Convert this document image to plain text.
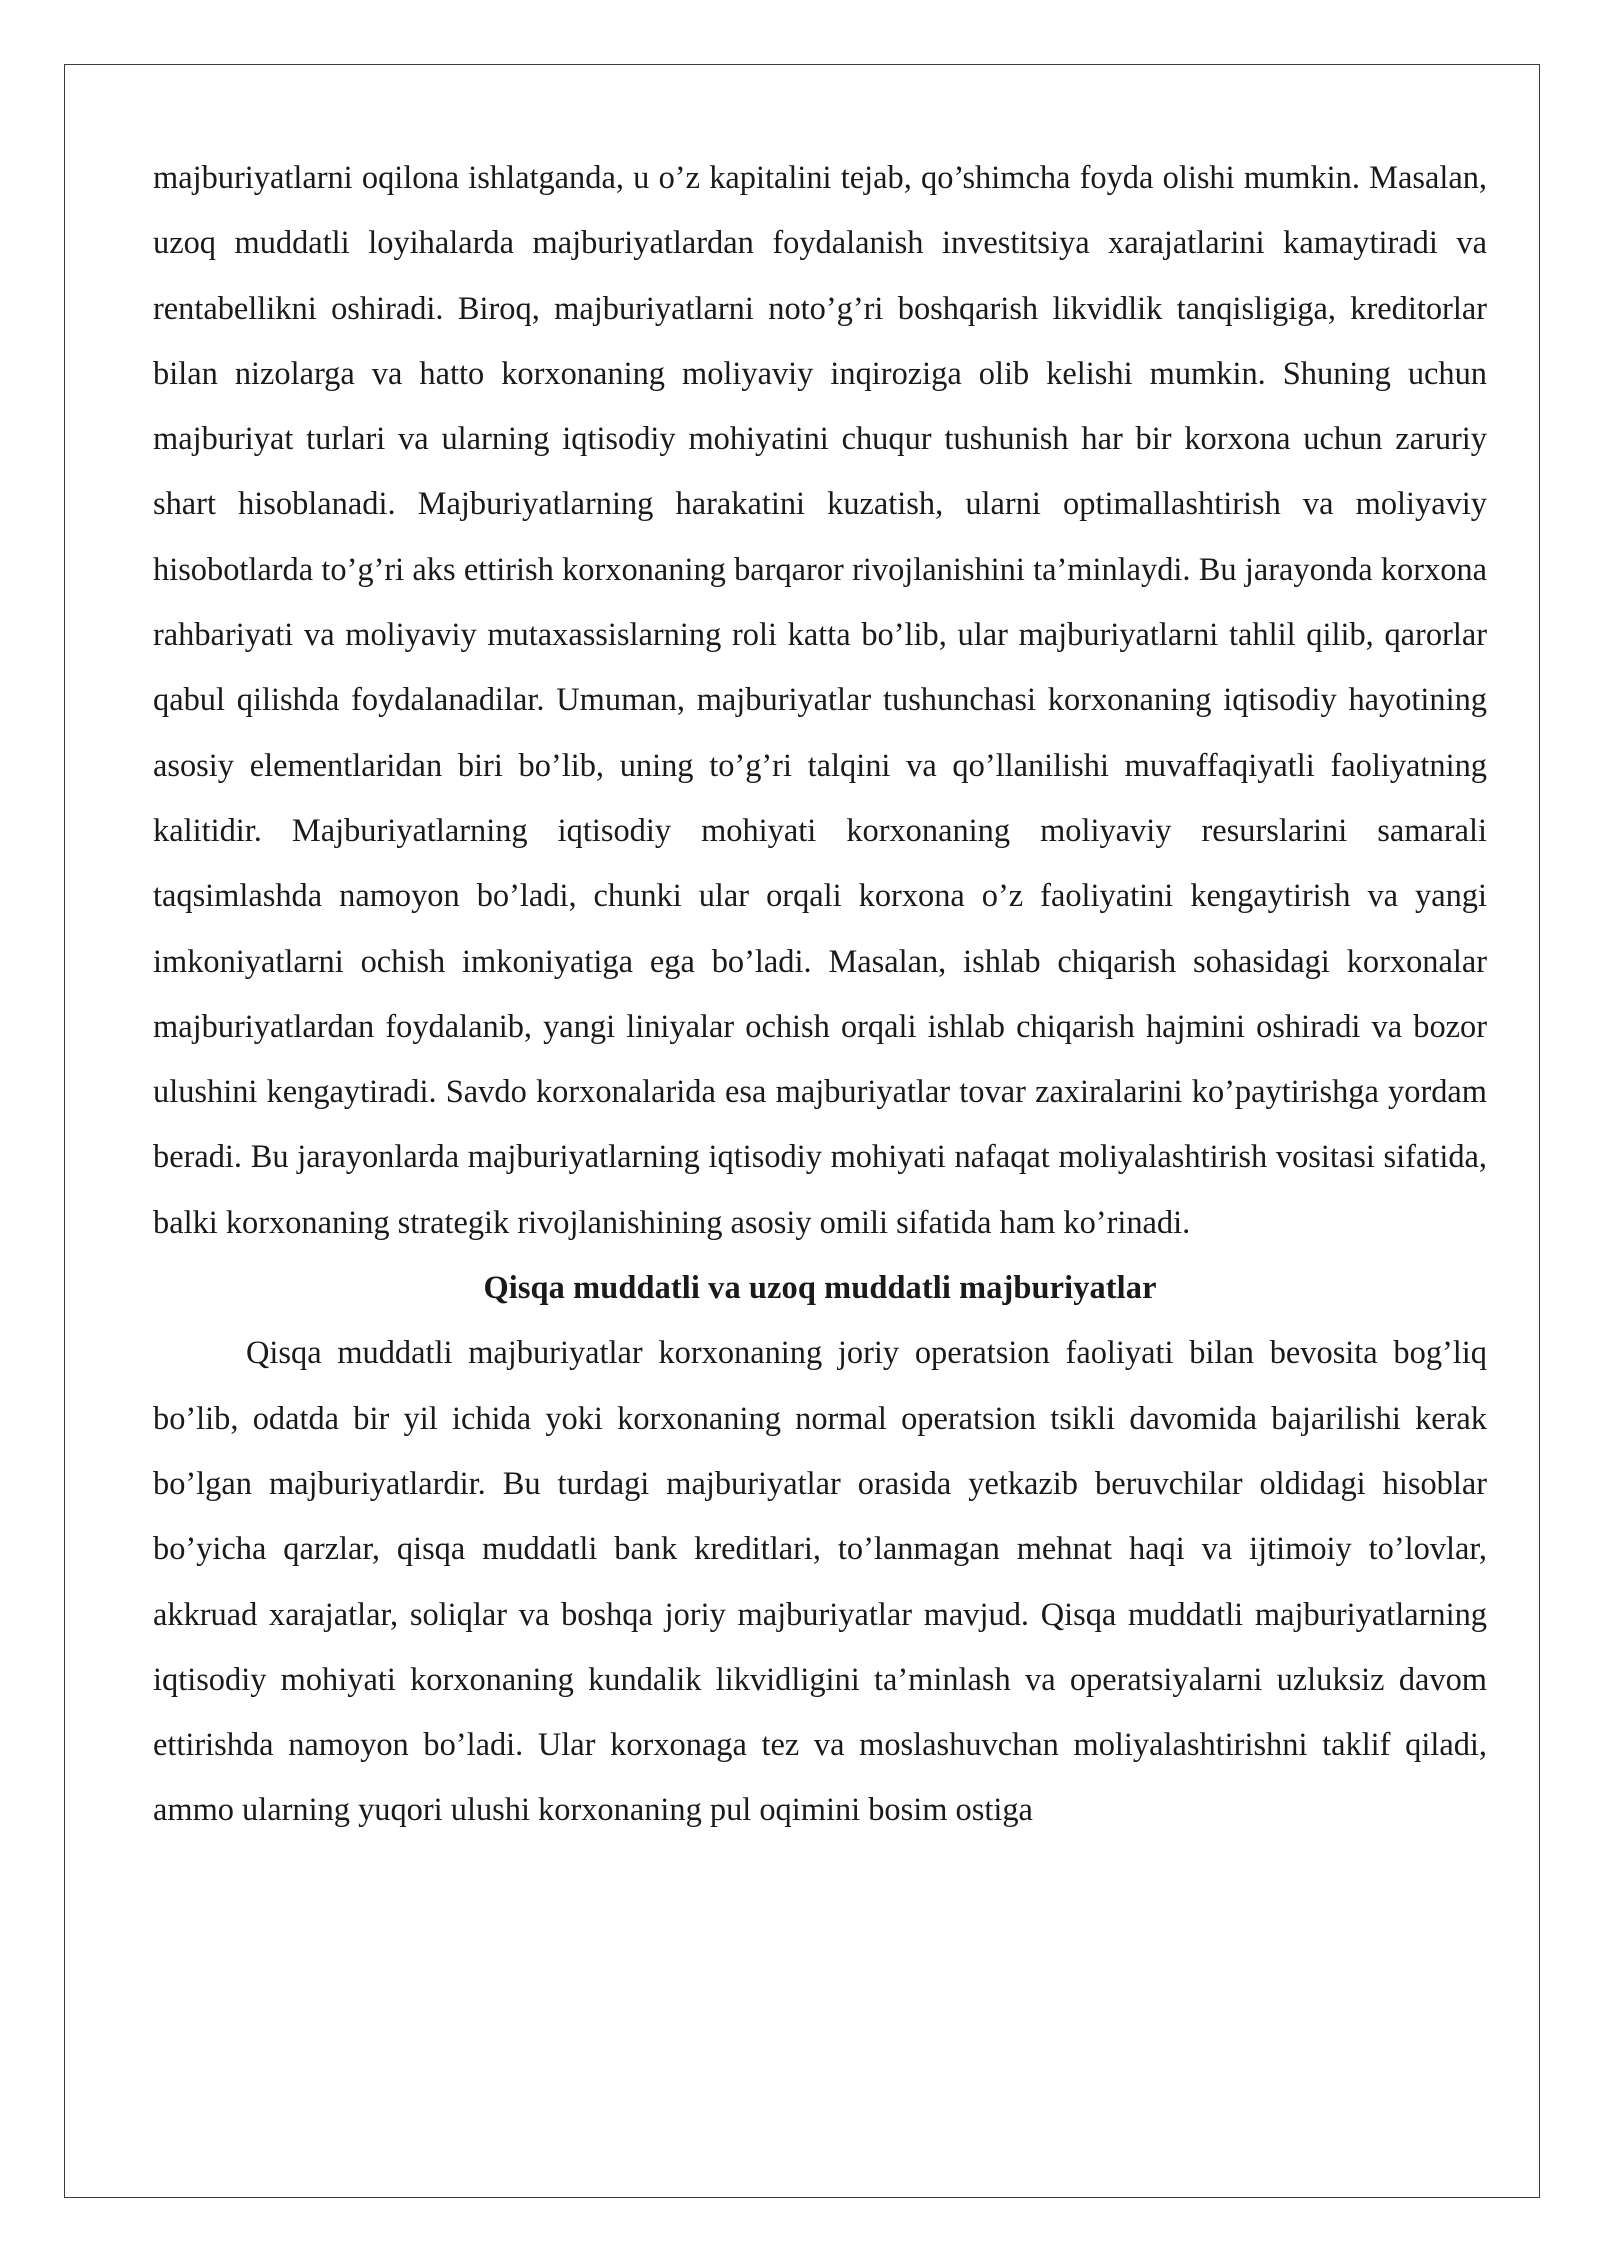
majburiyatlarni oqilona ishlatganda, u o’z kapitalini tejab, qo’shimcha foyda olishi mumkin. Masalan, uzoq muddatli loyihalarda majburiyatlardan foydalanish investitsiya xarajatlarini kamaytiradi va rentabellikni oshiradi. Biroq, majburiyatlarni noto’g’ri boshqarish likvidlik tanqisligiga, kreditorlar bilan nizolarga va hatto korxonaning moliyaviy inqiroziga olib kelishi mumkin. Shuning uchun majburiyat turlari va ularning iqtisodiy mohiyatini chuqur tushunish har bir korxona uchun zaruriy shart hisoblanadi. Majburiyatlarning harakatini kuzatish, ularni optimallashtirish va moliyaviy hisobotlarda to’g’ri aks ettirish korxonaning barqaror rivojlanishini ta’minlaydi. Bu jarayonda korxona rahbariyati va moliyaviy mutaxassislarning roli katta bo’lib, ular majburiyatlarni tahlil qilib, qarorlar qabul qilishda foydalanadilar. Umuman, majburiyatlar tushunchasi korxonaning iqtisodiy hayotining asosiy elementlaridan biri bo’lib, uning to’g’ri talqini va qo’llanilishi muvaffaqiyatli faoliyatning kalitidir. Majburiyatlarning iqtisodiy mohiyati korxonaning moliyaviy resurslarini samarali taqsimlashda namoyon bo’ladi, chunki ular orqali korxona o’z faoliyatini kengaytirish va yangi imkoniyatlarni ochish imkoniyatiga ega bo’ladi. Masalan, ishlab chiqarish sohasidagi korxonalar majburiyatlardan foydalanib, yangi liniyalar ochish orqali ishlab chiqarish hajmini oshiradi va bozor ulushini kengaytiradi. Savdo korxonalarida esa majburiyatlar tovar zaxiralarini ko’paytirishga yordam beradi. Bu jarayonlarda majburiyatlarning iqtisodiy mohiyati nafaqat moliyalashtirish vositasi sifatida, balki korxonaning strategik rivojlanishining asosiy omili sifatida ham ko’rinadi.

Qisqa muddatli va uzoq muddatli majburiyatlar

Qisqa muddatli majburiyatlar korxonaning joriy operatsion faoliyati bilan bevosita bog’liq bo’lib, odatda bir yil ichida yoki korxonaning normal operatsion tsikli davomida bajarilishi kerak bo’lgan majburiyatlardir. Bu turdagi majburiyatlar orasida yetkazib beruvchilar oldidagi hisoblar bo’yicha qarzlar, qisqa muddatli bank kreditlari, to’lanmagan mehnat haqi va ijtimoiy to’lovlar, akkruad xarajatlar, soliqlar va boshqa joriy majburiyatlar mavjud. Qisqa muddatli majburiyatlarning iqtisodiy mohiyati korxonaning kundalik likvidligini ta’minlash va operatsiyalarni uzluksiz davom ettirishda namoyon bo’ladi. Ular korxonaga tez va moslashuvchan moliyalashtirishni taklif qiladi, ammo ularning yuqori ulushi korxonaning pul oqimini bosim ostiga
